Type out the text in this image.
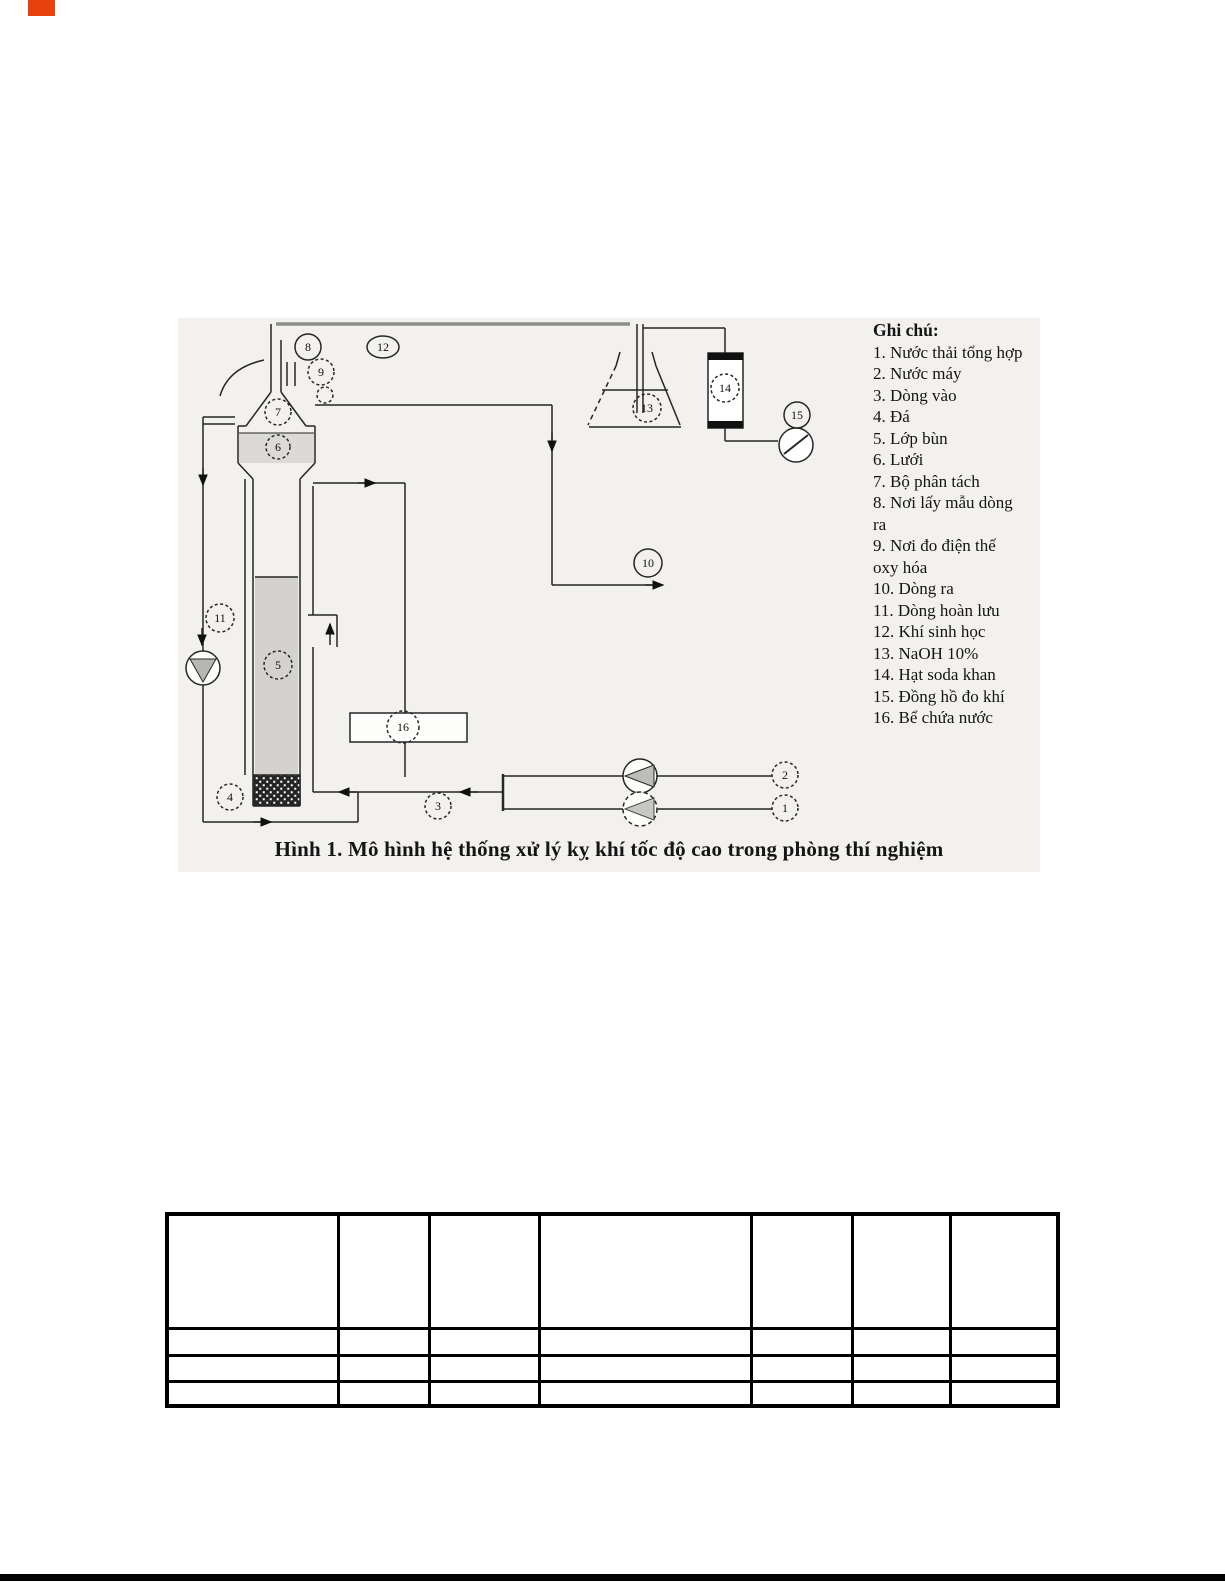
8
9
12
7
6
11
5
4
10
13
14
15
16
3
2
1
Ghi chú:
1. Nước thải tổng hợp
2. Nước máy
3. Dòng vào
4. Đá
5. Lớp bùn
6. Lưới
7. Bộ phân tách
8. Nơi lấy mẫu dòng ra
9. Nơi đo điện thế oxy hóa
10. Dòng ra
11. Dòng hoàn lưu
12. Khí sinh học
13. NaOH 10%
14. Hạt soda khan
15. Đồng hồ đo khí
16. Bể chứa nước
Hình 1. Mô hình hệ thống xử lý kỵ khí tốc độ cao trong phòng thí nghiệm
